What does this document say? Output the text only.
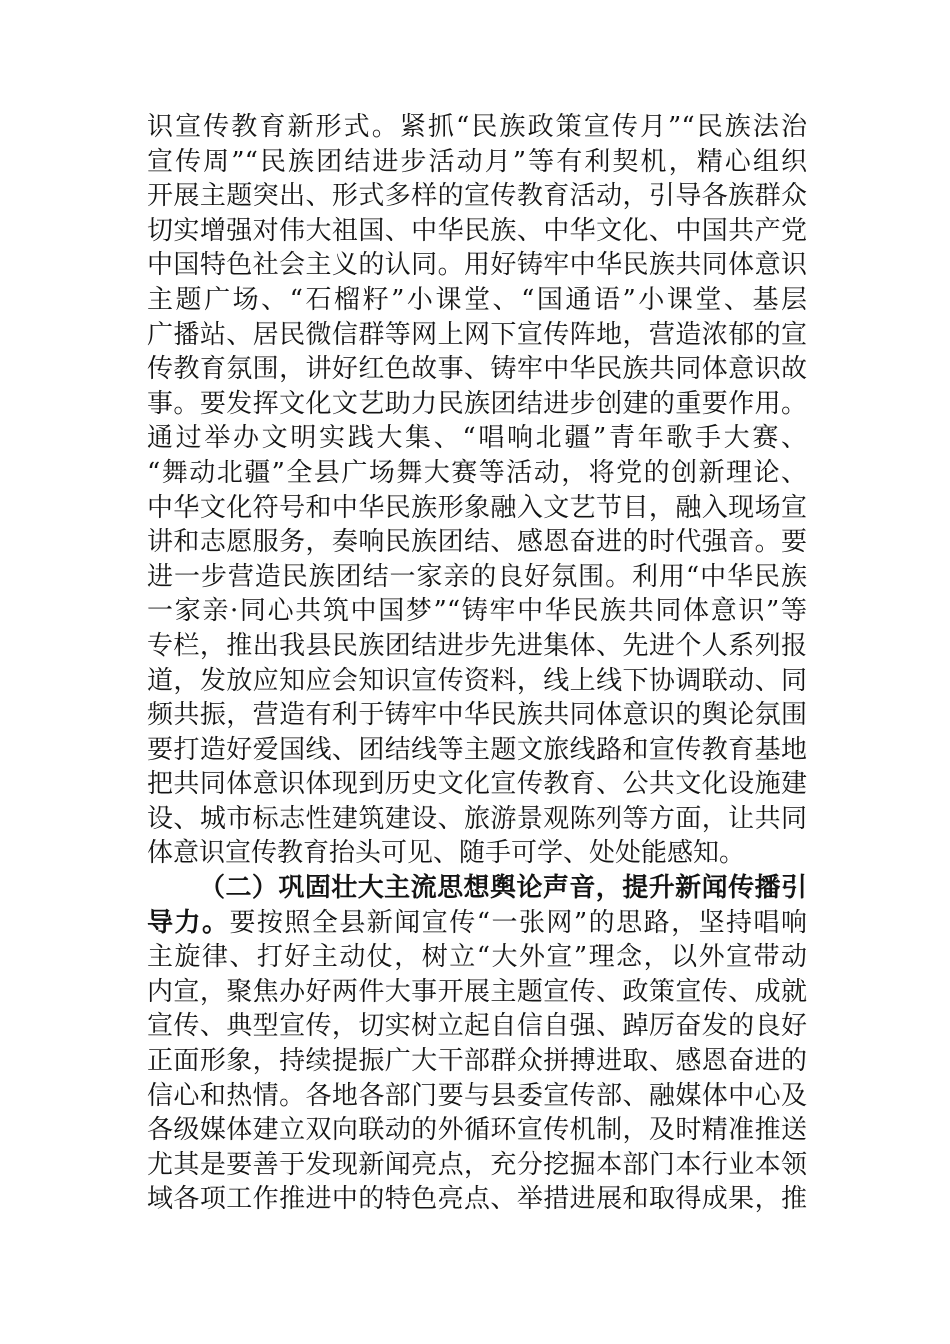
识宣传教育新形式。紧抓“民族政策宣传月”“民族法治
宣传周”“民族团结进步活动月”等有利契机，精心组织
开展主题突出、形式多样的宣传教育活动，引导各族群众
切实增强对伟大祖国、中华民族、中华文化、中国共产党
中国特色社会主义的认同。用好铸牢中华民族共同体意识
主题广场、“石榴籽”小课堂、“国通语”小课堂、基层
广播站、居民微信群等网上网下宣传阵地，营造浓郁的宣
传教育氛围，讲好红色故事、铸牢中华民族共同体意识故
事。要发挥文化文艺助力民族团结进步创建的重要作用。
通过举办文明实践大集、“唱响北疆”青年歌手大赛、
“舞动北疆”全县广场舞大赛等活动，将党的创新理论、
中华文化符号和中华民族形象融入文艺节目，融入现场宣
讲和志愿服务，奏响民族团结、感恩奋进的时代强音。要
进一步营造民族团结一家亲的良好氛围。利用“中华民族
一家亲·同心共筑中国梦”“铸牢中华民族共同体意识”等
专栏，推出我县民族团结进步先进集体、先进个人系列报
道，发放应知应会知识宣传资料，线上线下协调联动、同
频共振，营造有利于铸牢中华民族共同体意识的舆论氛围
要打造好爱国线、团结线等主题文旅线路和宣传教育基地
把共同体意识体现到历史文化宣传教育、公共文化设施建
设、城市标志性建筑建设、旅游景观陈列等方面，让共同
体意识宣传教育抬头可见、随手可学、处处能感知。
（二）巩固壮大主流思想舆论声音，提升新闻传播引
导力。要按照全县新闻宣传“一张网”的思路，坚持唱响
主旋律、打好主动仗，树立“大外宣”理念，以外宣带动
内宣，聚焦办好两件大事开展主题宣传、政策宣传、成就
宣传、典型宣传，切实树立起自信自强、踔厉奋发的良好
正面形象，持续提振广大干部群众拼搏进取、感恩奋进的
信心和热情。各地各部门要与县委宣传部、融媒体中心及
各级媒体建立双向联动的外循环宣传机制，及时精准推送
尤其是要善于发现新闻亮点，充分挖掘本部门本行业本领
域各项工作推进中的特色亮点、举措进展和取得成果，推
